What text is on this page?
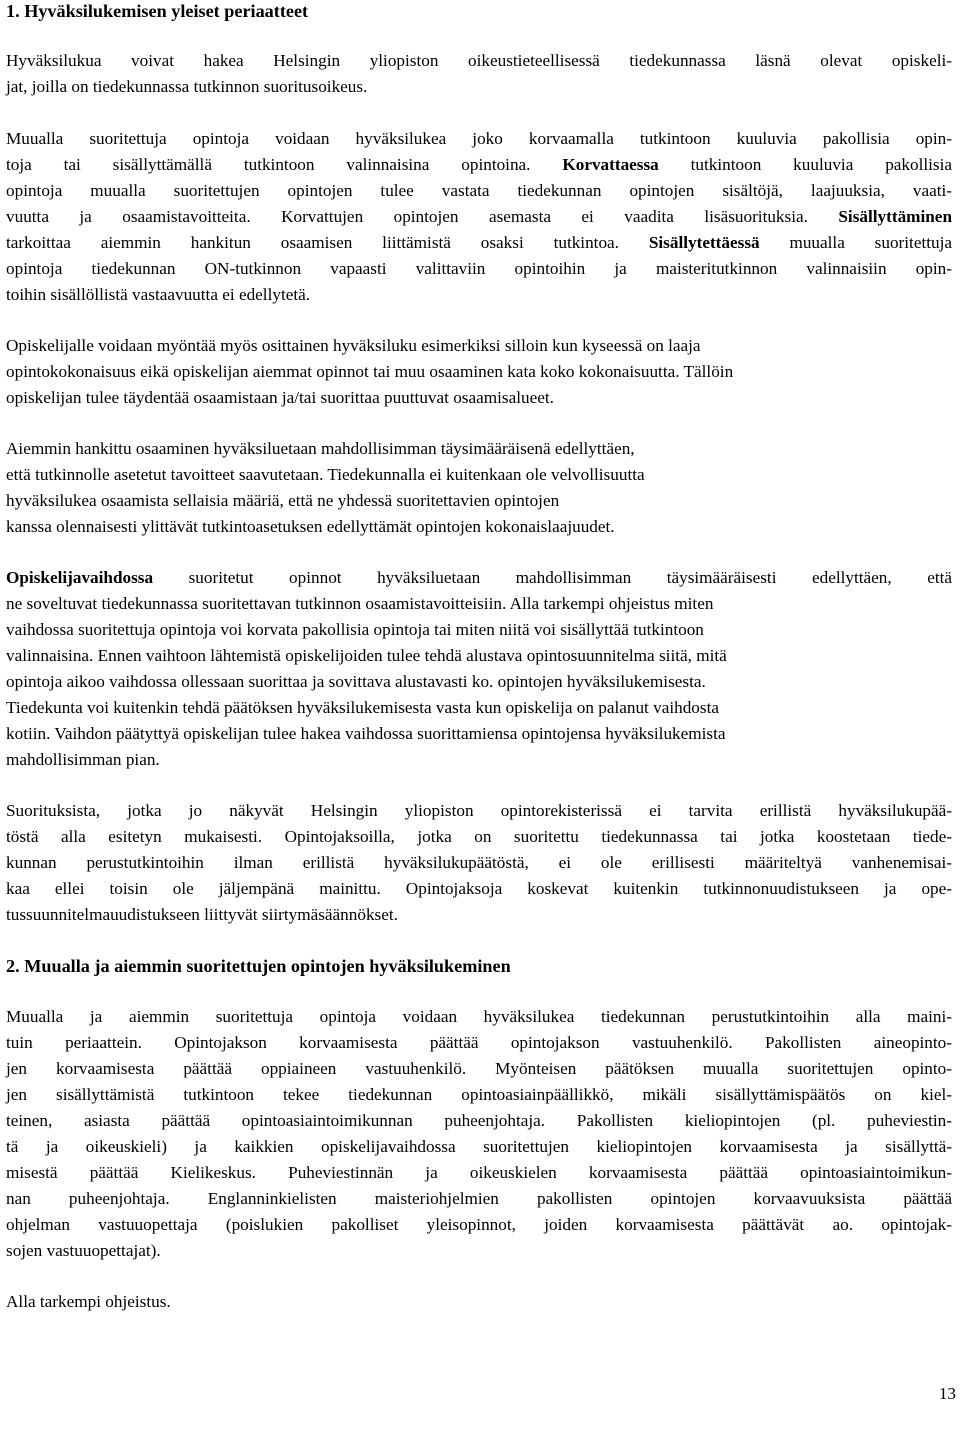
1. Hyväksilukemisen yleiset periaatteet
Hyväksilukua voivat hakea Helsingin yliopiston oikeustieteellisessä tiedekunnassa läsnä olevat opiskeli-
jat, joilla on tiedekunnassa tutkinnon suoritusoikeus.
Muualla suoritettuja opintoja voidaan hyväksilukea joko korvaamalla tutkintoon kuuluvia pakollisia opin-
toja tai sisällyttämällä tutkintoon valinnaisina opintoina. Korvattaessa tutkintoon kuuluvia pakollisia
opintoja muualla suoritettujen opintojen tulee vastata tiedekunnan opintojen sisältöjä, laajuuksia, vaati-
vuutta ja osaamistavoitteita. Korvattujen opintojen asemasta ei vaadita lisäsuorituksia. Sisällyttäminen
tarkoittaa aiemmin hankitun osaamisen liittämistä osaksi tutkintoa. Sisällytettäessä muualla suoritettuja
opintoja tiedekunnan ON-tutkinnon vapaasti valittaviin opintoihin ja maisteritutkinnon valinnaisiin opin-
toihin sisällöllistä vastaavuutta ei edellytetä.
Opiskelijalle voidaan myöntää myös osittainen hyväksiluku esimerkiksi silloin kun kyseessä on laaja
opintokokonaisuus eikä opiskelijan aiemmat opinnot tai muu osaaminen kata koko kokonaisuutta. Tällöin
opiskelijan tulee täydentää osaamistaan ja/tai suorittaa puuttuvat osaamisalueet.
Aiemmin hankittu osaaminen hyväksiluetaan mahdollisimman täysimääräisenä edellyttäen,
että tutkinnolle asetetut tavoitteet saavutetaan. Tiedekunnalla ei kuitenkaan ole velvollisuutta
hyväksilukea osaamista sellaisia määriä, että ne yhdessä suoritettavien opintojen
kanssa olennaisesti ylittävät tutkintoasetuksen edellyttämät opintojen kokonaislaajuudet.
Opiskelijavaihdossa suoritetut opinnot hyväksiluetaan mahdollisimman täysimääräisesti edellyttäen, että
ne soveltuvat tiedekunnassa suoritettavan tutkinnon osaamistavoitteisiin. Alla tarkempi ohjeistus miten
vaihdossa suoritettuja opintoja voi korvata pakollisia opintoja tai miten niitä voi sisällyttää tutkintoon
valinnaisina. Ennen vaihtoon lähtemistä opiskelijoiden tulee tehdä alustava opintosuunnitelma siitä, mitä
opintoja aikoo vaihdossa ollessaan suorittaa ja sovittava alustavasti ko. opintojen hyväksilukemisesta.
Tiedekunta voi kuitenkin tehdä päätöksen hyväksilukemisesta vasta kun opiskelija on palanut vaihdosta
kotiin. Vaihdon päätyttyä opiskelijan tulee hakea vaihdossa suorittamiensa opintojensa hyväksilukemista
mahdollisimman pian.
Suorituksista, jotka jo näkyvät Helsingin yliopiston opintorekisterissä ei tarvita erillistä hyväksilukupää-
töstä alla esitetyn mukaisesti. Opintojaksoilla, jotka on suoritettu tiedekunnassa tai jotka koostetaan tiede-
kunnan perustutkintoihin ilman erillistä hyväksilukupäätöstä, ei ole erillisesti määriteltyä vanhenemisai-
kaa ellei toisin ole jäljempänä mainittu. Opintojaksoja koskevat kuitenkin tutkinnonuudistukseen ja ope-
tussuunnitelmauudistukseen liittyvät siirtymäsäännökset.
2. Muualla ja aiemmin suoritettujen opintojen hyväksilukeminen
Muualla ja aiemmin suoritettuja opintoja voidaan hyväksilukea tiedekunnan perustutkintoihin alla maini-
tuin periaattein. Opintojakson korvaamisesta päättää opintojakson vastuuhenkilö. Pakollisten aineopinto-
jen korvaamisesta päättää oppiaineen vastuuhenkilö. Myönteisen päätöksen muualla suoritettujen opinto-
jen sisällyttämistä tutkintoon tekee tiedekunnan opintoasiainpäällikkö, mikäli sisällyttämispäätös on kiel-
teinen, asiasta päättää opintoasiaintoimikunnan puheenjohtaja. Pakollisten kieliopintojen (pl. puheviestin-
tä ja oikeuskieli) ja kaikkien opiskelijavaihdossa suoritettujen kieliopintojen korvaamisesta ja sisällyttä-
misestä päättää Kielikeskus. Puheviestinnän ja oikeuskielen korvaamisesta päättää opintoasiaintoimikun-
nan puheenjohtaja. Englanninkielisten maisteriohjelmien pakollisten opintojen korvaavuuksista päättää
ohjelman vastuuopettaja (poislukien pakolliset yleisopinnot, joiden korvaamisesta päättävät ao. opintojak-
sojen vastuuopettajat).
Alla tarkempi ohjeistus.
13
